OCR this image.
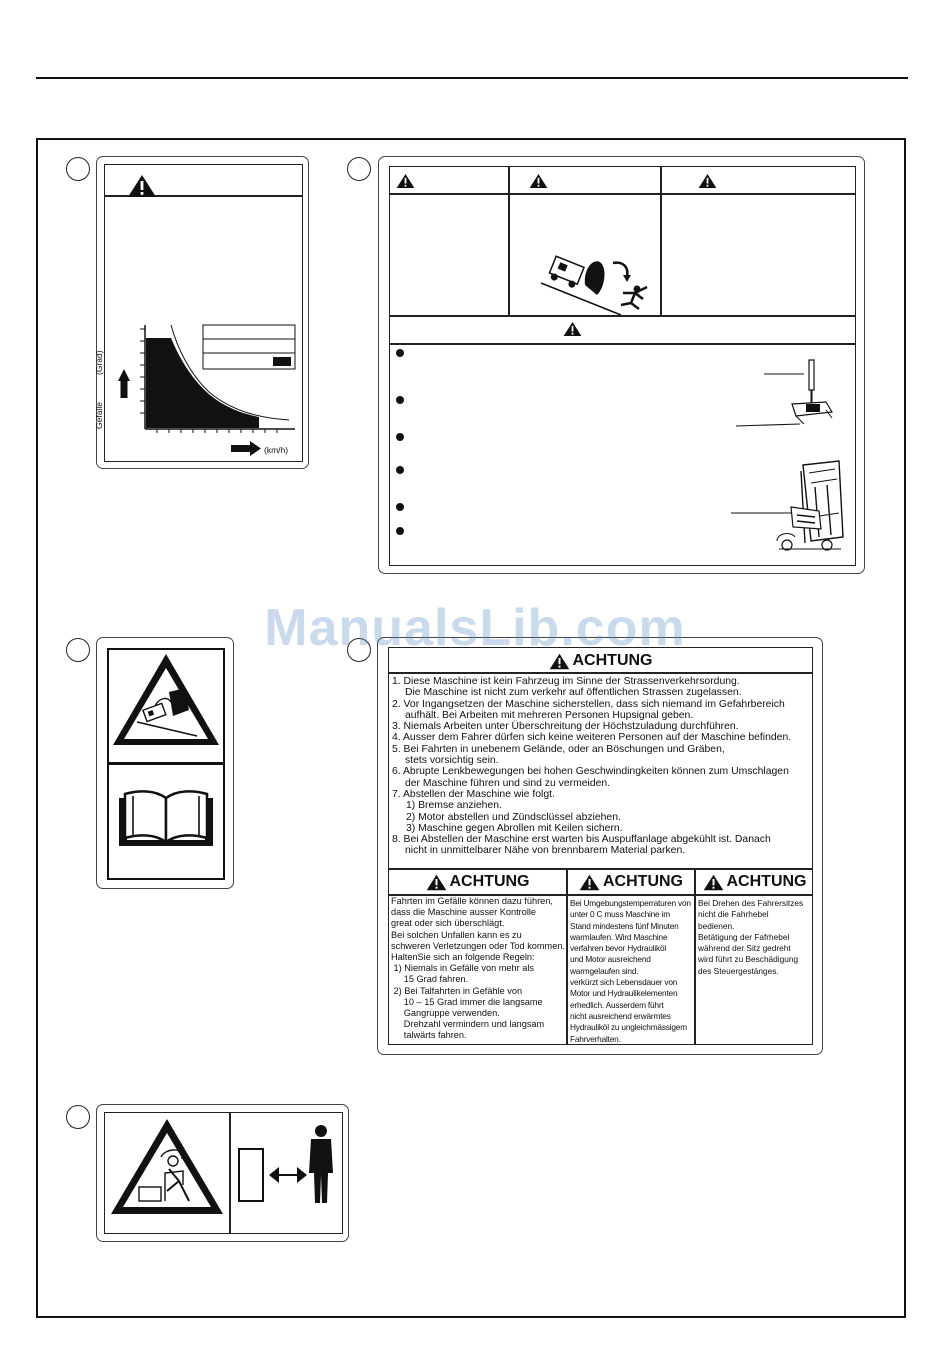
Gefälle
(Grad)
(km/h)
ACHTUNG
1. Diese Maschine ist kein Fahrzeug im Sinne der Strassenverkehrsordung.
Die Maschine ist nicht zum verkehr auf öffentlichen Strassen zugelassen.
2. Vor Ingangsetzen der Maschine sicherstellen, dass sich niemand im Gefahrbereich
aufhält. Bei Arbeiten mit mehreren Personen Hupsignal geben.
3. Niemals Arbeiten unter Überschreitung der Höchstzuladung durchführen.
4. Ausser dem Fahrer dürfen sich keine weiteren Personen auf der Maschine befinden.
5. Bei Fahrten in unebenem Gelände, oder an Böschungen und Gräben,
stets vorsichtig sein.
6. Abrupte Lenkbewegungen bei hohen Geschwindingkeiten können zum Umschlagen
der Maschine führen und sind zu vermeiden.
7. Abstellen der Maschine wie folgt.
1) Bremse anziehen.
2) Motor abstellen und Zündsclüssel abziehen.
3) Maschine gegen Abrollen mit Keilen sichern.
8. Bei Abstellen der Maschine erst warten bis Auspuffanlage abgekühlt ist. Danach
nicht in unmittelbarer Nähe von brennbarem Material parken.
ACHTUNG	ACHTUNG	ACHTUNG
Fahrten im Gefälle können dazu führen,
dass die Maschine ausser Kontrolle
great oder sich überschlägt.
Bei solchen Unfallen kann es zu
schweren Verletzungen oder Tod kommen.
HaltenSie sich an folgende Regeln:
1) Niemals in Gefälle von mehr als
15 Grad fahren.
2) Bei Talfahrten in Gefähle von
10 – 15 Grad immer die langsame
Gangruppe verwenden.
Drehzahl vermindern und langsam
talwärts fahren.
Bei Umgebungstemperraturen von
unter 0 C muss Maschine im
Stand mindestens fünf Minuten
warmlaufen. Wird Maschine
verfahren bevor Hydrauliköl
und Motor ausreichend
warmgelaufen sind.
verkürzt sich Lebensdauer von
Motor und Hydraulikelementen
erhedlich. Ausserdem führt
nicht ausreichend erwärmtes
Hydrauliköl zu ungleichmässigem
Fahrverhalten.
Bei Drehen des Fahrersitzes
nicht die Fahrhebel
bedienen.
Betätigung der Fafrhebel
während der Sitz gedreht
wird führt zu Beschädigung
des Steuergestänges.
ManualsLib.com
